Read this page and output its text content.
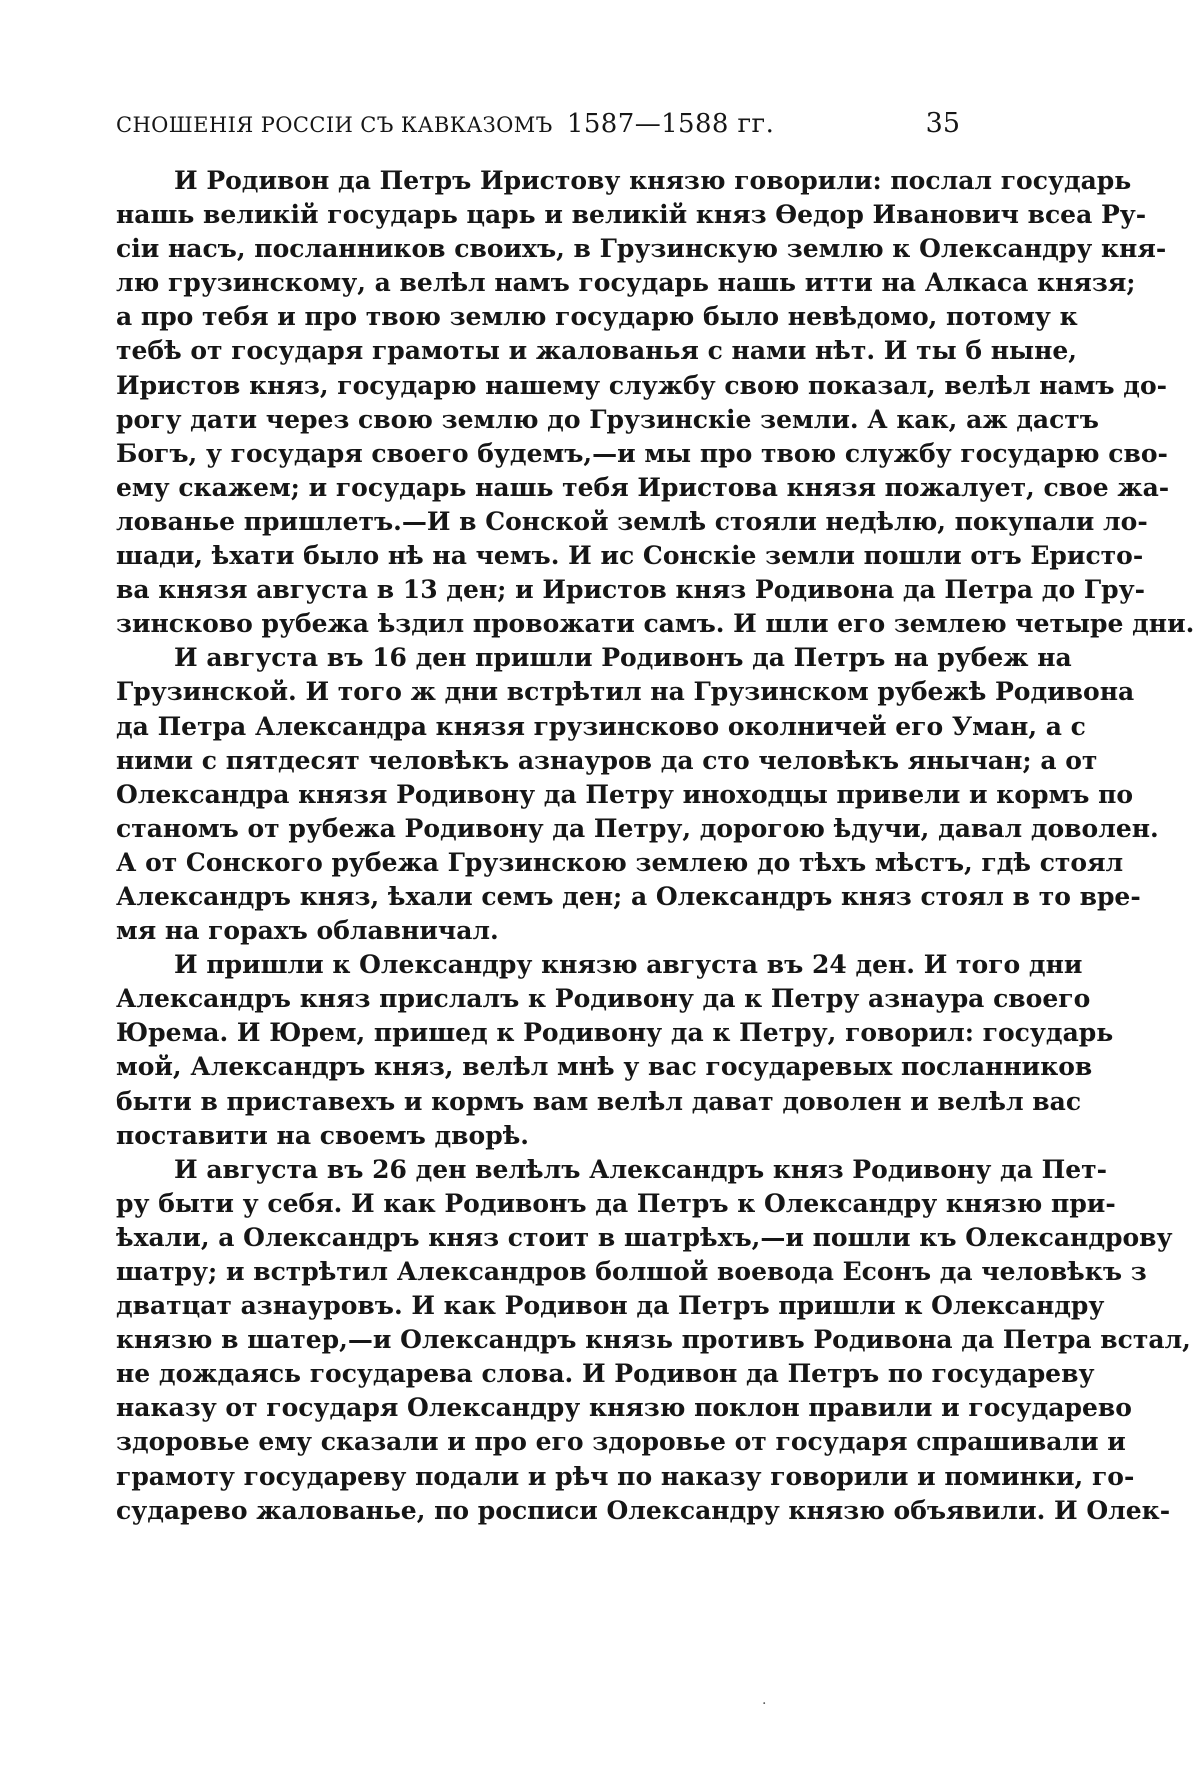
СНОШЕНІЯ РОССІИ СЪ КАВКАЗОМЪ 1587—1588 гг.	35
И Родивон да Петръ Иристову князю говорили: послал государь
нашь великій государь царь и великій княз Өедор Иванович всеа Ру-
сіи насъ, посланников своихъ, в Грузинскую землю к Олександру кня-
лю грузинскому, а велѣл намъ государь нашь итти на Алкаса князя;
а про тебя и про твою землю государю было невѣдомо, потому к
тебѣ от государя грамоты и жалованья с нами нѣт. И ты б ныне,
Иристов княз, государю нашему службу свою показал, велѣл намъ до-
рогу дати через свою землю до Грузинскіе земли. А как, аж дастъ
Богъ, у государя своего будемъ,—и мы про твою службу государю сво-
ему скажем; и государь нашь тебя Иристова князя пожалует, свое жа-
лованье пришлетъ.—И в Сонской землѣ стояли недѣлю, покупали ло-
шади, ѣхати было нѣ на чемъ. И ис Сонскіе земли пошли отъ Еристо-
ва князя августа в 13 ден; и Иристов княз Родивона да Петра до Гру-
зинсково рубежа ѣздил провожати самъ. И шли его землею четыре дни.
И августа въ 16 ден пришли Родивонъ да Петръ на рубеж на
Грузинской. И того ж дни встрѣтил на Грузинском рубежѣ Родивона
да Петра Александра князя грузинсково околничей его Уман, а с
ними с пятдесят человѣкъ азнауров да сто человѣкъ янычан; а от
Олександра князя Родивону да Петру иноходцы привели и кормъ по
станомъ от рубежа Родивону да Петру, дорогою ѣдучи, давал доволен.
А от Сонского рубежа Грузинскою землею до тѣхъ мѣстъ, гдѣ стоял
Александръ княз, ѣхали семъ ден; а Олександръ княз стоял в то вре-
мя на горахъ облавничал.
И пришли к Олександру князю августа въ 24 ден. И того дни
Александръ княз прислалъ к Родивону да к Петру азнаура своего
Юрема. И Юрем, пришед к Родивону да к Петру, говорил: государь
мой, Александръ княз, велѣл мнѣ у вас государевых посланников
быти в приставехъ и кормъ вам велѣл дават доволен и велѣл вас
поставити на своемъ дворѣ.
И августа въ 26 ден велѣлъ Александръ княз Родивону да Пет-
ру быти у себя. И как Родивонъ да Петръ к Олександру князю при-
ѣхали, а Олександръ княз стоит в шатрѣхъ,—и пошли къ Олександрову
шатру; и встрѣтил Александров болшой воевода Есонъ да человѣкъ з
дватцат азнауровъ. И как Родивон да Петръ пришли к Олександру
князю в шатер,—и Олександръ князь противъ Родивона да Петра встал,
не дождаясь государева слова. И Родивон да Петръ по государеву
наказу от государя Олександру князю поклон правили и государево
здоровье ему сказали и про его здоровье от государя спрашивали и
грамоту государеву подали и рѣч по наказу говорили и поминки, го-
сударево жалованье, по росписи Олександру князю объявили. И Олек-
·
